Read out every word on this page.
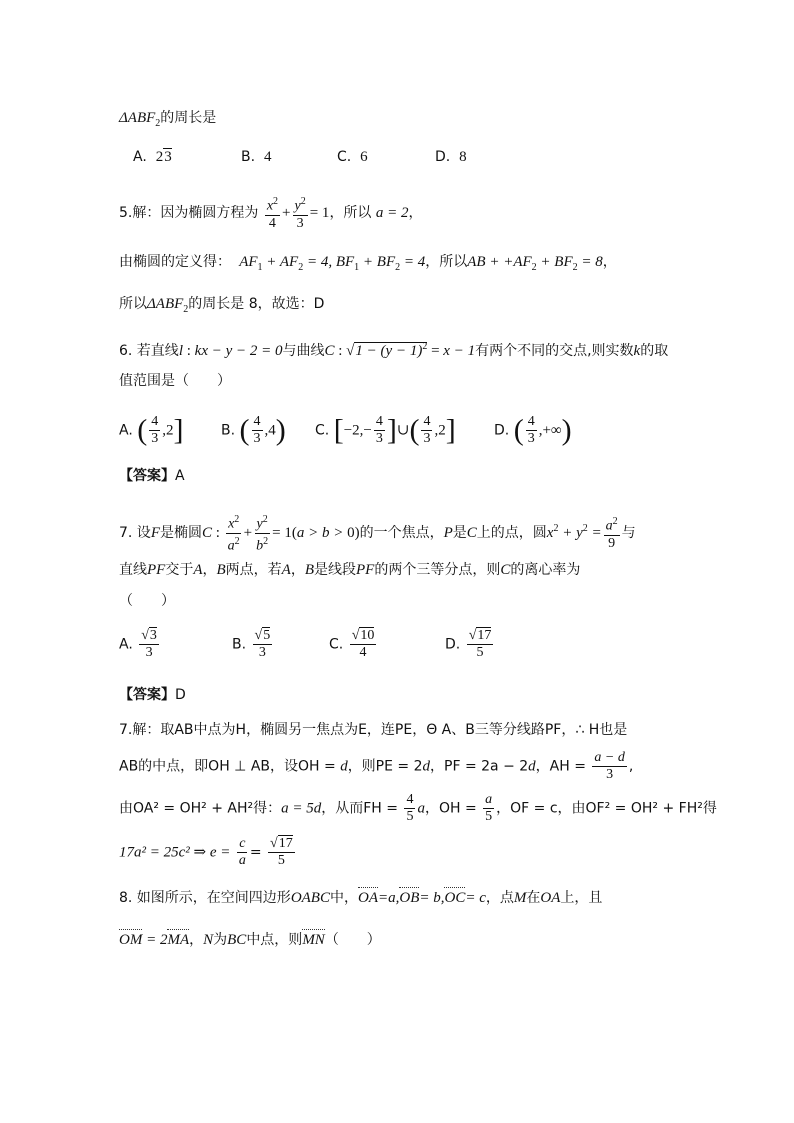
$\Delta ABF_2$的周长是
A. 23	B. 4	C. 6	D. 8
5.解：因为椭圆方程为 $\frac{x^2}{4} + \frac{y^2}{3} = 1$，所以 a = 2，
由椭圆的定义得：  $AF_1 + AF_2 = 4$, $BF_1 + BF_2 = 4$，所以AB + $+AF_2 + BF_2 = 8$，
所以$\Delta ABF_2$的周长是 8，故选：D
6. 若直线l : kx − y − 2 = 0与曲线C : $√1 - (y - 1)^2 = x - 1$有两个不同的交点,则实数k的取
值范围是（　　）
A. ( $\frac{4}{3} ,2$]	B. ( $\frac{4}{3} ,4$) C. [$-2,- \frac{4}{3}$ ]∪( $\frac{4}{3} ,2$]	D. ( $\frac{4}{3}$ ,+∞)
【答案】A
7. 设F是椭圆C : $\frac{x^2}{a^2} + \frac{y^2}{b^2} = 1(a > b > 0)$的一个焦点，P是C上的点，圆$x^2 + y^2 = \frac{a^2}{9}$ 与
直线PF交于A，B两点，若A，B是线段PF的两个三等分点，则C的离心率为
（　　）
A. $\frac{√3}{3}$	B. $\frac{√5}{3}$	C. $\frac{√10}{4}$	D. $\frac{√17}{5}$
【答案】D
7.解：取AB中点为H，椭圆另一焦点为E，连PE，Θ A、B三等分线路PF，∴ H也是
AB的中点，即OH ⊥ AB，设OH = d，则PE = 2d，PF = 2a − 2d，AH = $\frac{a - d}{3}$ ,
由OA² = OH² + AH²得：a = 5d，从而FH = $\frac{4}{5}$ a，OH = $\frac{a}{5}$ ，OF = c，由OF² = OH² + FH²得
17a² = 25c² ⇒ $e = \frac{c}{a} = \frac{√17}{5}$
8. 如图所示，在空间四边形OABC中，OA=a,OB= b,OC= c，点M在OA上，且
OM = 2MA，N为BC中点，则MN（　　）
